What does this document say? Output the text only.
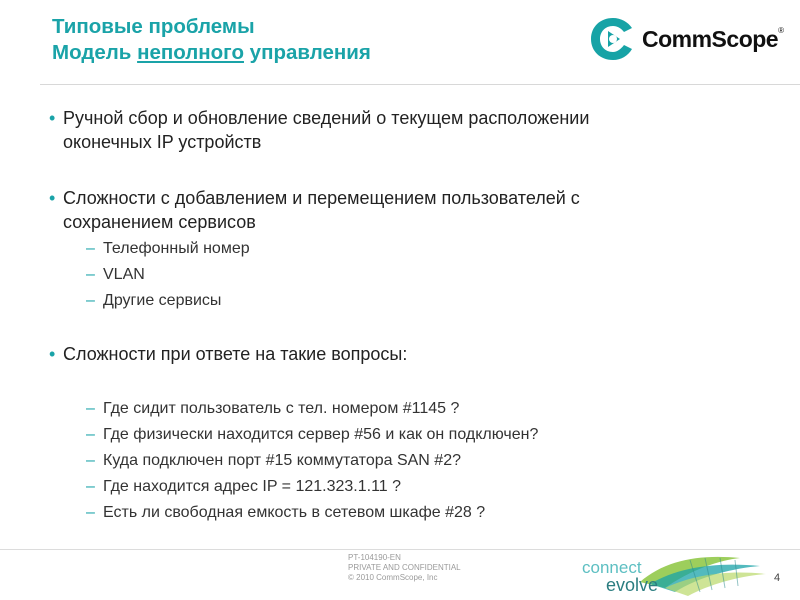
Типовые проблемы
Модель неполного управления
CommScope®
• Ручной сбор и обновление сведений о текущем расположении
оконечных IP устройств
• Сложности с добавлением и перемещением пользователей с
сохранением сервисов
– Телефонный номер
– VLAN
– Другие сервисы
• Сложности при ответе на такие вопросы:
– Где сидит пользователь с тел. номером #1145 ?
– Где физически находится сервер #56 и как он подключен?
– Куда подключен порт #15 коммутатора SAN #2?
– Где находится адрес IP = 121.323.1.11 ?
– Есть ли свободная емкость в сетевом шкафе #28 ?
PT-104190-EN
PRIVATE AND CONFIDENTIAL
© 2010 CommScope, Inc
connect
evolve	4
